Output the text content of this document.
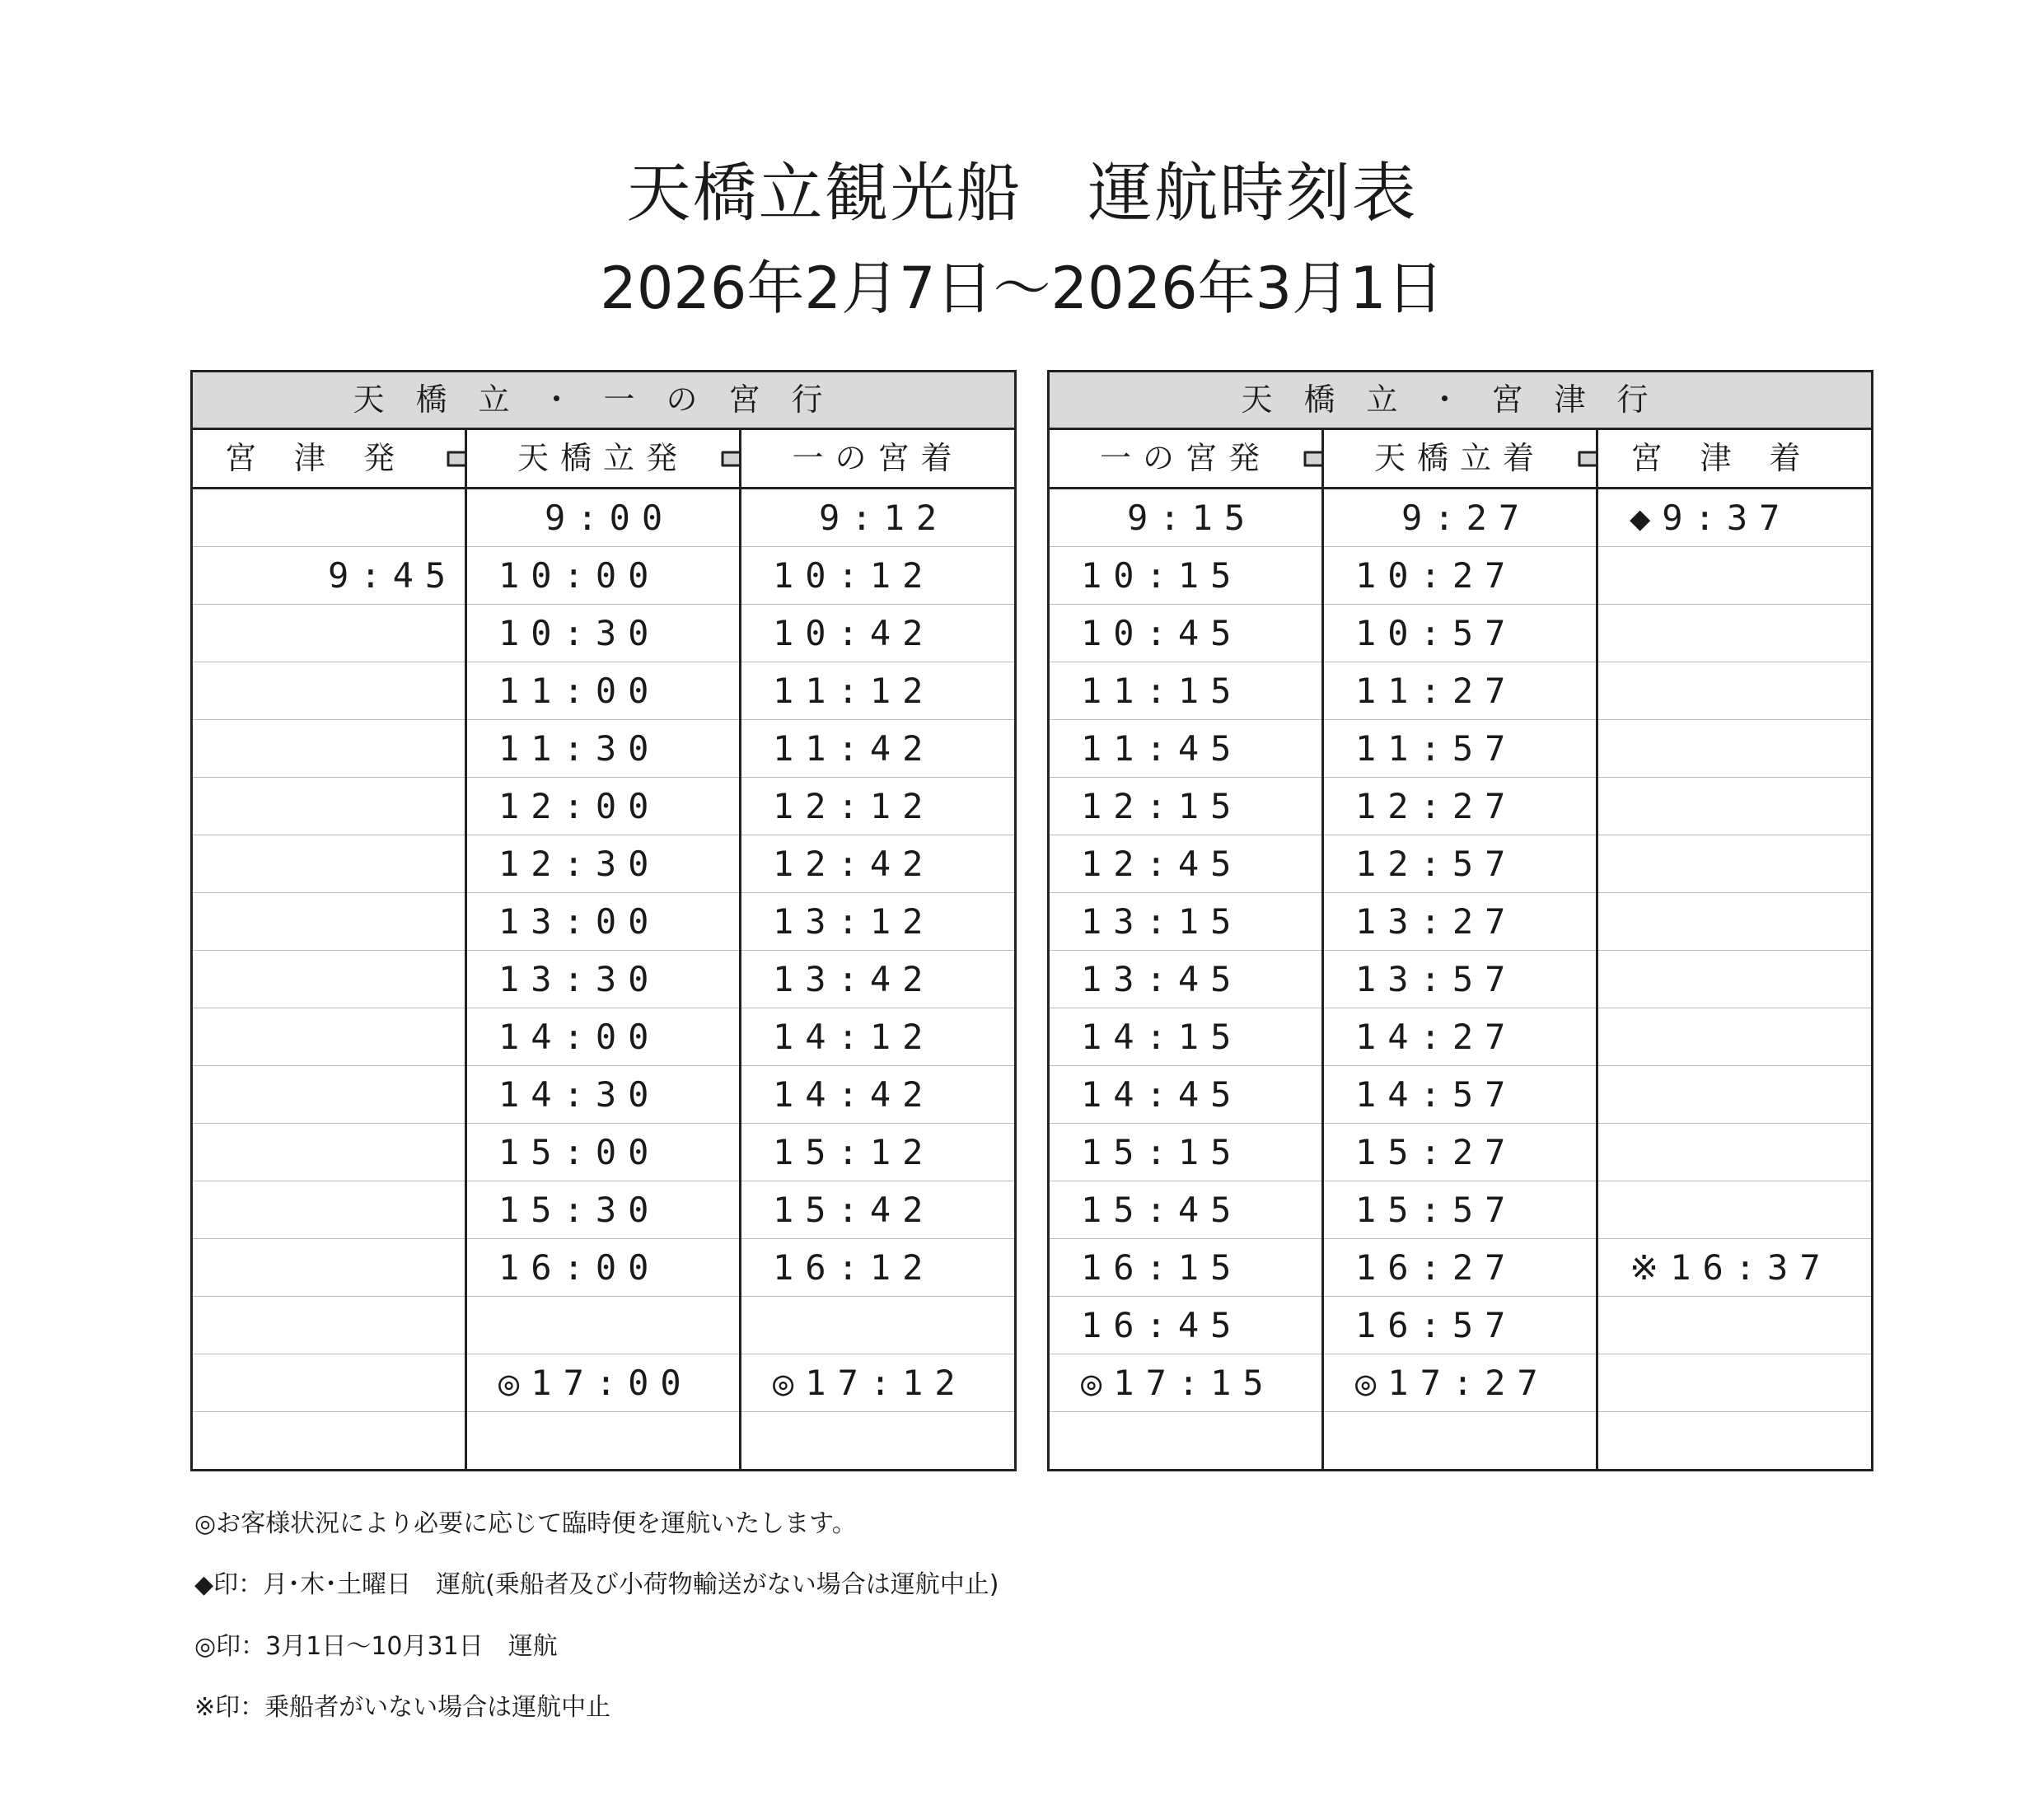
天橋立観光船　運航時刻表
2026年2月7日～2026年3月1日
天橋立・一の宮行		
宮津発	天橋立発	一の宮着
	　9:00	　9:12
　9:45	10:00	10:12
	10:30	10:42
	11:00	11:12
	11:30	11:42
	12:00	12:12
	12:30	12:42
	13:00	13:12
	13:30	13:42
	14:00	14:12
	14:30	14:42
	15:00	15:12
	15:30	15:42
	16:00	16:12

	◎17:00	◎17:12

天橋立・宮津行		
一の宮発	天橋立着	宮津着
　9:15	　9:27	◆9:37
10:15	10:27	
10:45	10:57	
11:15	11:27	
11:45	11:57	
12:15	12:27	
12:45	12:57	
13:15	13:27	
13:45	13:57	
14:15	14:27	
14:45	14:57	
15:15	15:27	
15:45	15:57	
16:15	16:27	※16:37
16:45	16:57	
◎17:15	◎17:27	

◎お客様状況により必要に応じて臨時便を運航いたします。
◆印：月･木･土曜日　運航(乗船者及び小荷物輸送がない場合は運航中止)
◎印：3月1日～10月31日　運航
※印：乗船者がいない場合は運航中止
